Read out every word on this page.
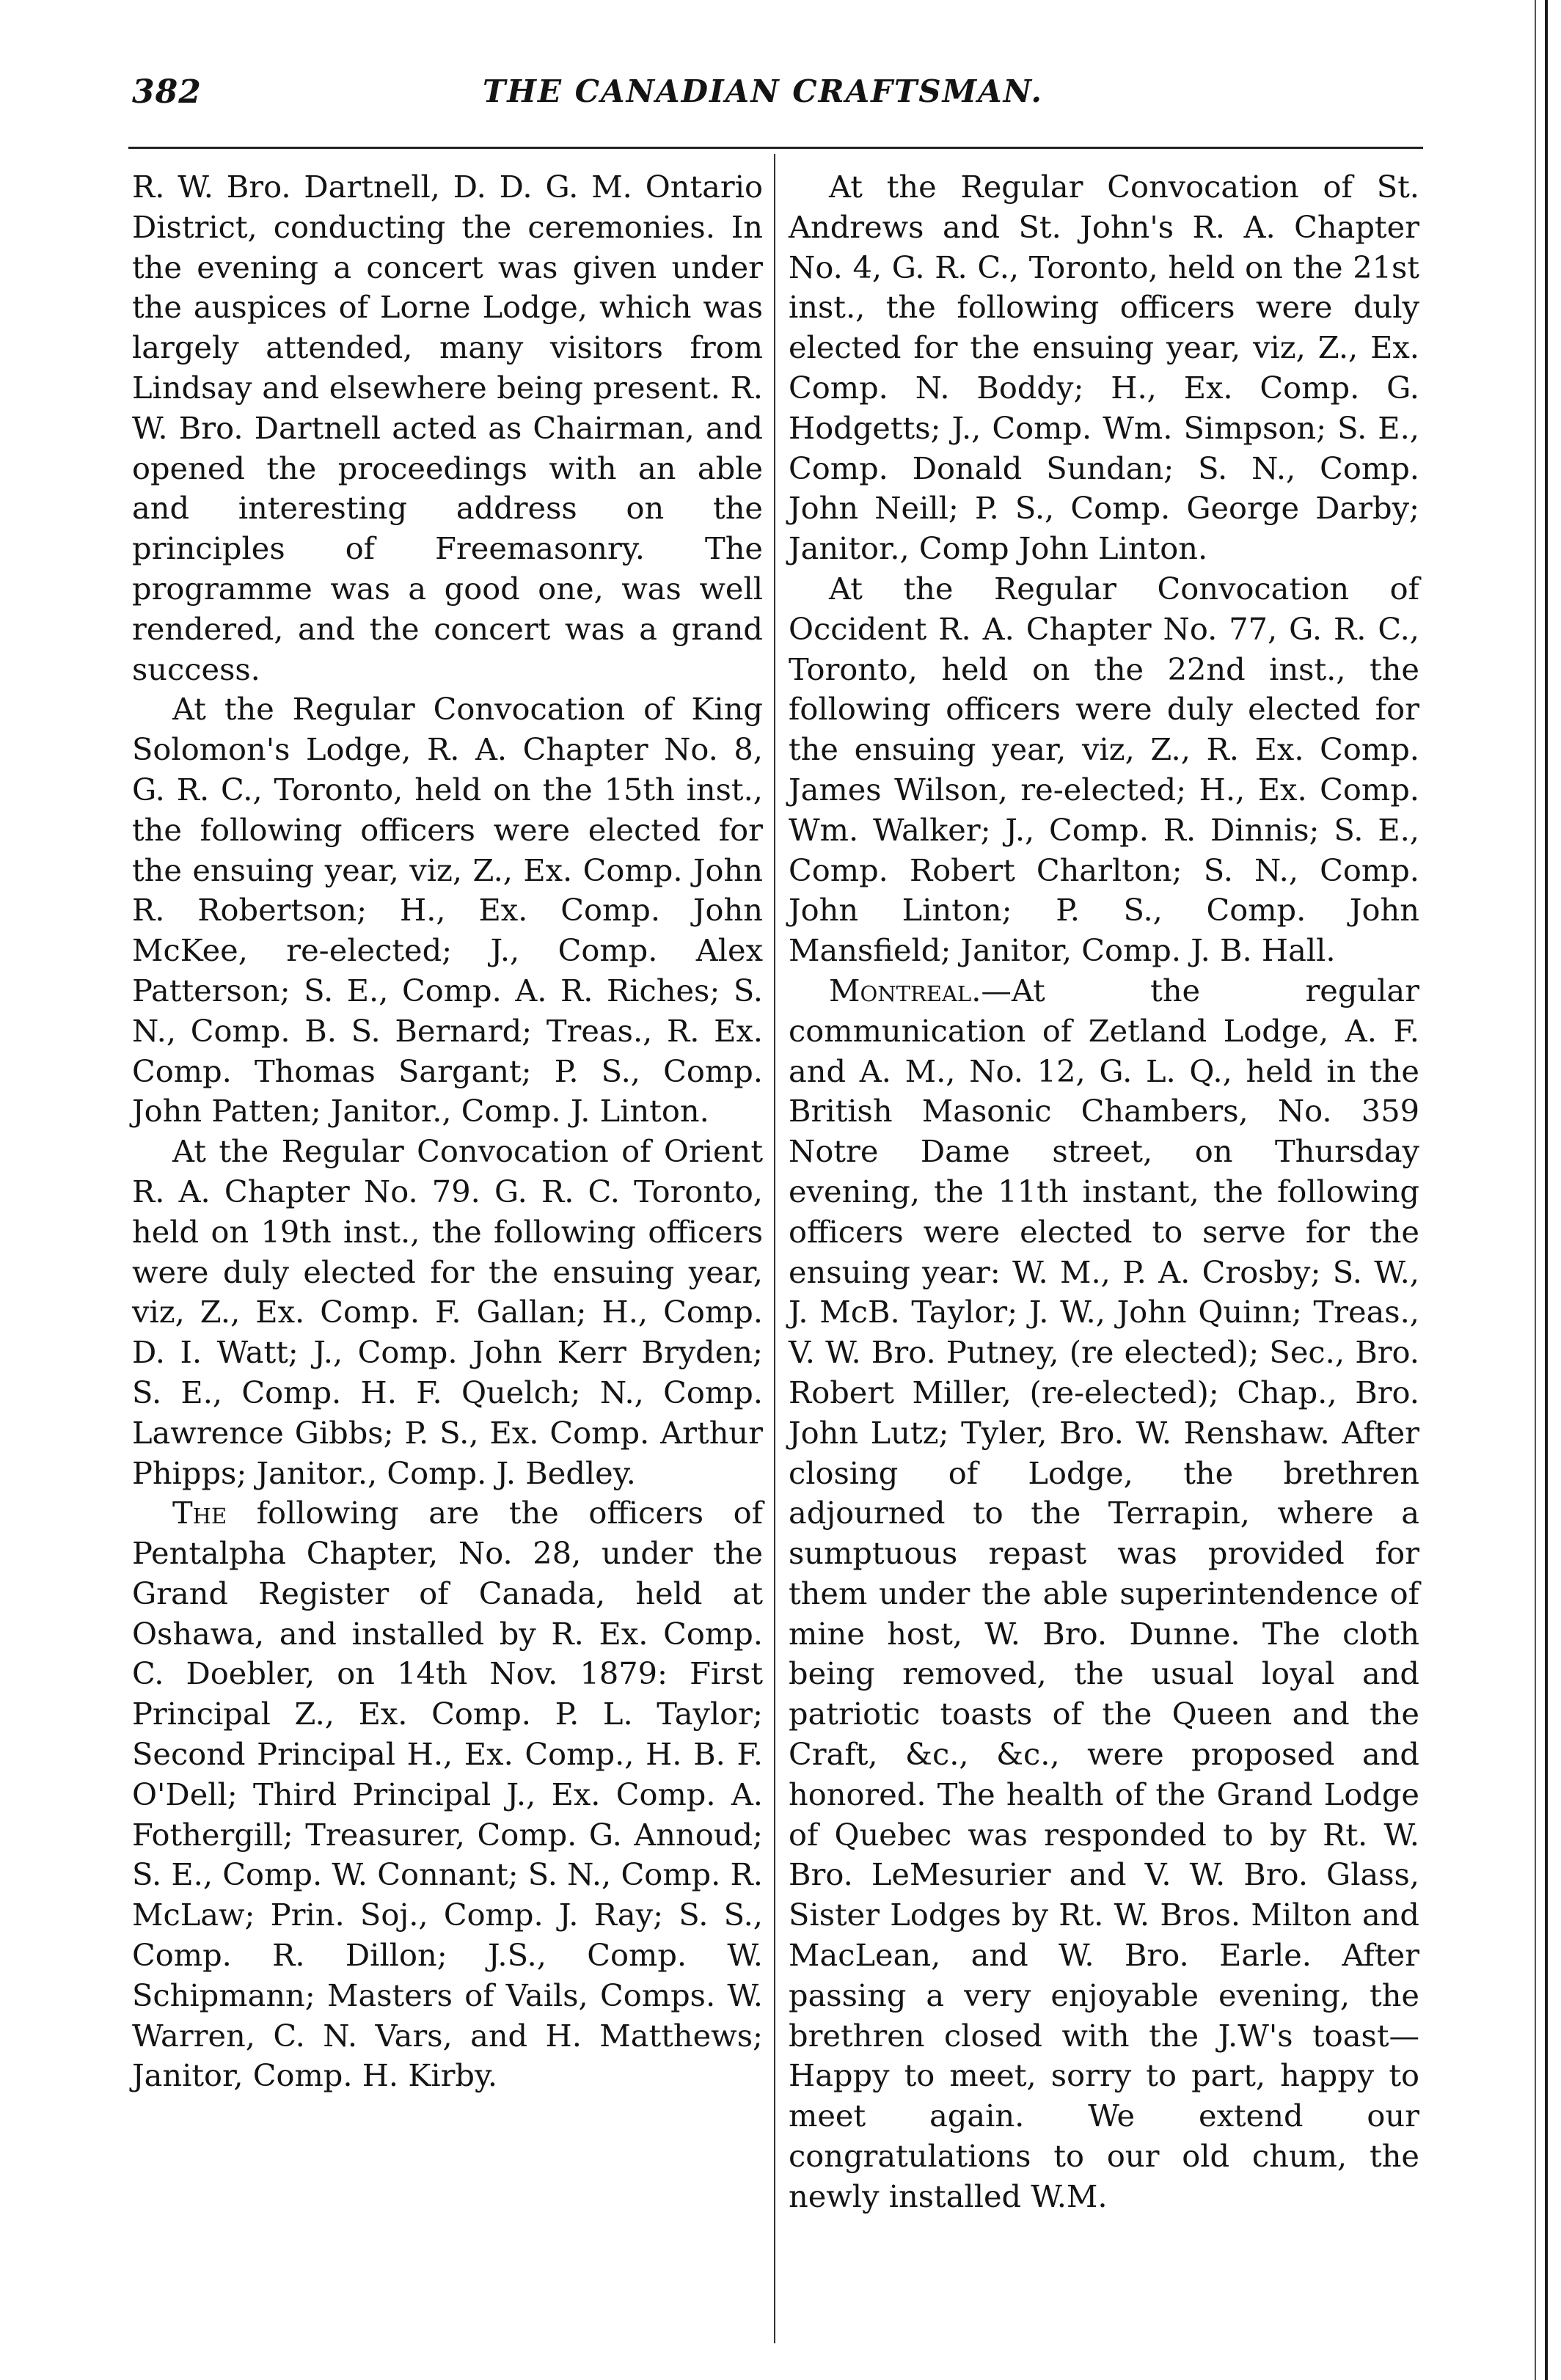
382	THE CANADIAN CRAFTSMAN.

R. W. Bro. Dartnell, D. D. G. M. Ontario District, conducting the ceremonies. In the evening a concert was given under the auspices of Lorne Lodge, which was largely attended, many visitors from Lindsay and elsewhere being present. R. W. Bro. Dartnell acted as Chairman, and opened the proceedings with an able and interesting address on the principles of Freemasonry. The programme was a good one, was well rendered, and the concert was a grand success.

At the Regular Convocation of King Solomon's Lodge, R. A. Chapter No. 8, G. R. C., Toronto, held on the 15th inst., the following officers were elected for the ensuing year, viz, Z., Ex. Comp. John R. Robertson; H., Ex. Comp. John McKee, re-elected; J., Comp. Alex Patterson; S. E., Comp. A. R. Riches; S. N., Comp. B. S. Bernard; Treas., R. Ex. Comp. Thomas Sargant; P. S., Comp. John Patten; Janitor., Comp. J. Linton.

At the Regular Convocation of Orient R. A. Chapter No. 79. G. R. C. Toronto, held on 19th inst., the following officers were duly elected for the ensuing year, viz, Z., Ex. Comp. F. Gallan; H., Comp. D. I. Watt; J., Comp. John Kerr Bryden; S. E., Comp. H. F. Quelch; N., Comp. Lawrence Gibbs; P. S., Ex. Comp. Arthur Phipps; Janitor., Comp. J. Bedley.

The following are the officers of Pentalpha Chapter, No. 28, under the Grand Register of Canada, held at Oshawa, and installed by R. Ex. Comp. C. Doebler, on 14th Nov. 1879: First Principal Z., Ex. Comp. P. L. Taylor; Second Principal H., Ex. Comp., H. B. F. O'Dell; Third Principal J., Ex. Comp. A. Fothergill; Treasurer, Comp. G. Annoud; S. E., Comp. W. Connant; S. N., Comp. R. McLaw; Prin. Soj., Comp. J. Ray; S. S., Comp. R. Dillon; J.S., Comp. W. Schipmann; Masters of Vails, Comps. W. Warren, C. N. Vars, and H. Matthews; Janitor, Comp. H. Kirby.

At the Regular Convocation of St. Andrews and St. John's R. A. Chapter No. 4, G. R. C., Toronto, held on the 21st inst., the following officers were duly elected for the ensuing year, viz, Z., Ex. Comp. N. Boddy; H., Ex. Comp. G. Hodgetts; J., Comp. Wm. Simpson; S. E., Comp. Donald Sundan; S. N., Comp. John Neill; P. S., Comp. George Darby; Janitor., Comp John Linton.

At the Regular Convocation of Occident R. A. Chapter No. 77, G. R. C., Toronto, held on the 22nd inst., the following officers were duly elected for the ensuing year, viz, Z., R. Ex. Comp. James Wilson, re-elected; H., Ex. Comp. Wm. Walker; J., Comp. R. Dinnis; S. E., Comp. Robert Charlton; S. N., Comp. John Linton; P. S., Comp. John Mansfield; Janitor, Comp. J. B. Hall.

Montreal.—At the regular communication of Zetland Lodge, A. F. and A. M., No. 12, G. L. Q., held in the British Masonic Chambers, No. 359 Notre Dame street, on Thursday evening, the 11th instant, the following officers were elected to serve for the ensuing year: W. M., P. A. Crosby; S. W., J. McB. Taylor; J. W., John Quinn; Treas., V. W. Bro. Putney, (re elected); Sec., Bro. Robert Miller, (re-elected); Chap., Bro. John Lutz; Tyler, Bro. W. Renshaw. After closing of Lodge, the brethren adjourned to the Terrapin, where a sumptuous repast was provided for them under the able superintendence of mine host, W. Bro. Dunne. The cloth being removed, the usual loyal and patriotic toasts of the Queen and the Craft, &c., &c., were proposed and honored. The health of the Grand Lodge of Quebec was responded to by Rt. W. Bro. LeMesurier and V. W. Bro. Glass, Sister Lodges by Rt. W. Bros. Milton and MacLean, and W. Bro. Earle. After passing a very enjoyable evening, the brethren closed with the J.W's toast—Happy to meet, sorry to part, happy to meet again. We extend our congratulations to our old chum, the newly installed W.M.
